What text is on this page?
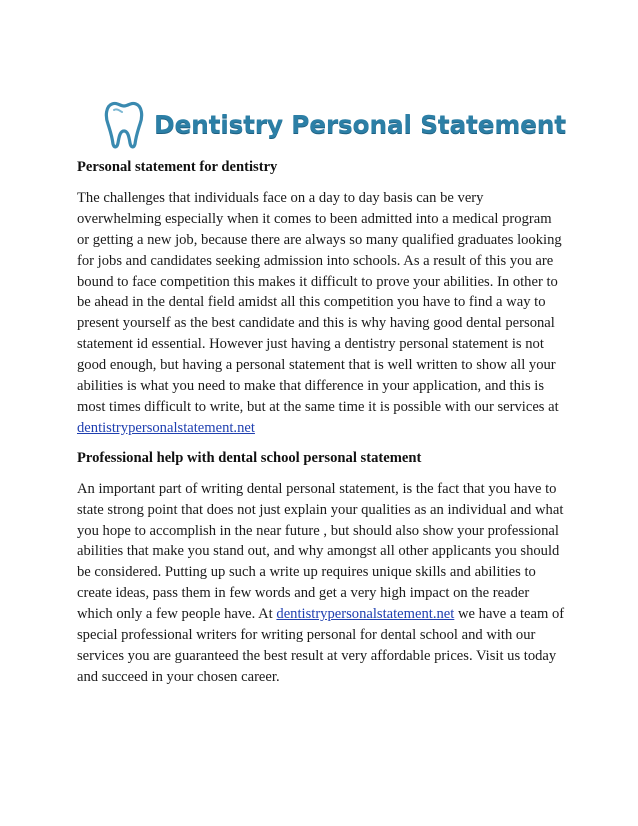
Dentistry Personal Statement
Personal statement for dentistry

The challenges that individuals face on a day to day basis can be very overwhelming especially when it comes to been admitted into a medical program or getting a new job, because there are always so many qualified graduates looking for jobs and candidates seeking admission into schools. As a result of this you are bound to face competition this makes it difficult to prove your abilities. In other to be ahead in the dental field amidst all this competition you have to find a way to present yourself as the best candidate and this is why having good dental personal statement id essential. However just having a dentistry personal statement is not good enough, but having a personal statement that is well written to show all your abilities is what you need to make that difference in your application, and this is most times difficult to write, but at the same time it is possible with our services at dentistrypersonalstatement.net

Professional help with dental school personal statement

An important part of writing dental personal statement, is the fact that you have to state strong point that does not just explain your qualities as an individual and what you hope to accomplish in the near future , but should also show your professional abilities that make you stand out, and why amongst all other applicants you should be considered. Putting up such a write up requires unique skills and abilities to create ideas, pass them in few words and get a very high impact on the reader which only a few people have. At dentistrypersonalstatement.net we have a team of special professional writers for writing personal for dental school and with our services you are guaranteed the best result at very affordable prices. Visit us today and succeed in your chosen career.
